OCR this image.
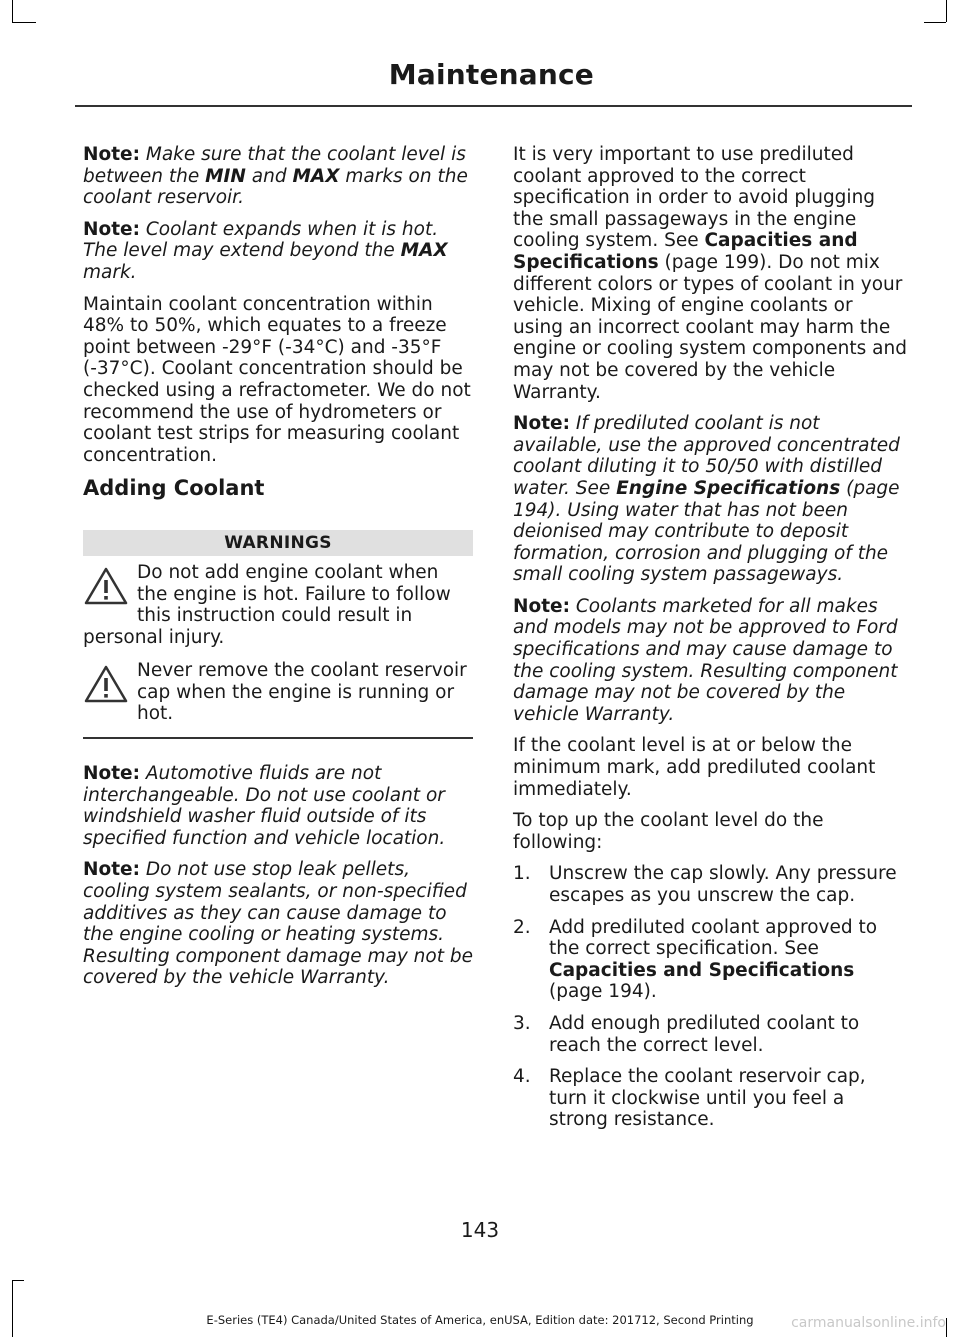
Maintenance

Note: Make sure that the coolant level is between the MIN and MAX marks on the coolant reservoir.

Note: Coolant expands when it is hot. The level may extend beyond the MAX mark.

Maintain coolant concentration within 48% to 50%, which equates to a freeze point between -29°F (-34°C) and -35°F (-37°C). Coolant concentration should be checked using a refractometer. We do not recommend the use of hydrometers or coolant test strips for measuring coolant concentration.

Adding Coolant
WARNINGS
Do not add engine coolant when the engine is hot. Failure to follow this instruction could result in personal injury.
Never remove the coolant reservoir cap when the engine is running or hot.

Note: Automotive fluids are not interchangeable. Do not use coolant or windshield washer fluid outside of its specified function and vehicle location.

Note: Do not use stop leak pellets, cooling system sealants, or non-specified additives as they can cause damage to the engine cooling or heating systems. Resulting component damage may not be covered by the vehicle Warranty.

It is very important to use prediluted coolant approved to the correct specification in order to avoid plugging the small passageways in the engine cooling system. See Capacities and Specifications (page 199). Do not mix different colors or types of coolant in your vehicle. Mixing of engine coolants or using an incorrect coolant may harm the engine or cooling system components and may not be covered by the vehicle Warranty.

Note: If prediluted coolant is not available, use the approved concentrated coolant diluting it to 50/50 with distilled water. See Engine Specifications (page 194). Using water that has not been deionised may contribute to deposit formation, corrosion and plugging of the small cooling system passageways.

Note: Coolants marketed for all makes and models may not be approved to Ford specifications and may cause damage to the cooling system. Resulting component damage may not be covered by the vehicle Warranty.

If the coolant level is at or below the minimum mark, add prediluted coolant immediately.

To top up the coolant level do the following:

1. Unscrew the cap slowly. Any pressure escapes as you unscrew the cap.
2. Add prediluted coolant approved to the correct specification. See Capacities and Specifications (page 194).
3. Add enough prediluted coolant to reach the correct level.
4. Replace the coolant reservoir cap, turn it clockwise until you feel a strong resistance.
143
E-Series (TE4) Canada/United States of America, enUSA, Edition date: 201712, Second Printing	carmanualsonline.info
